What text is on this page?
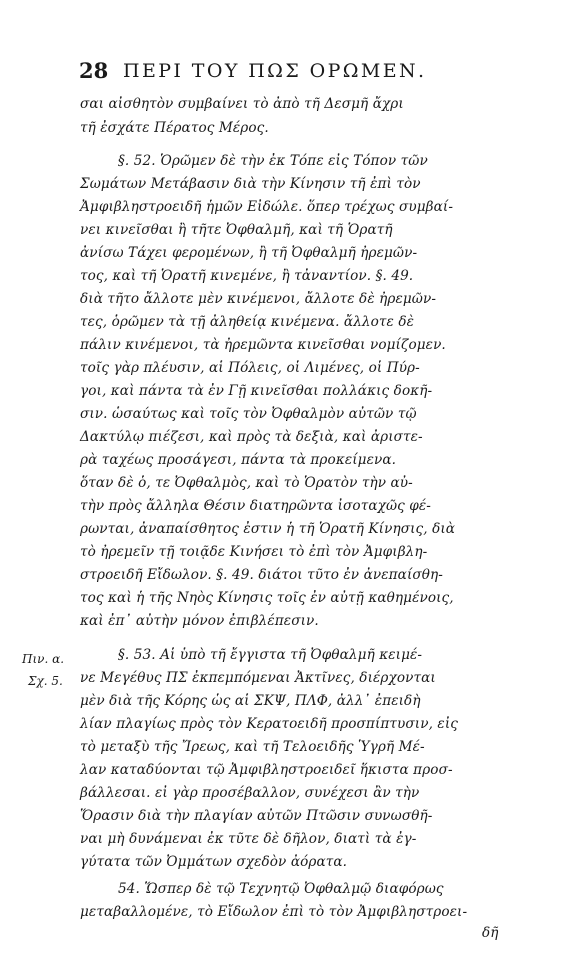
28 ΠΕΡΙ ΤΟΥ ΠΩΣ ΟΡΩΜΕΝ.
σαι αἰσθητὸν συμβαίνει τὸ ἀπὸ τῆ Δεσμῆ ἄχρι
τῆ ἐσχάτε Πέρατος Μέρος.
§. 52. Ὁρῶμεν δὲ τὴν ἐκ Τόπε εἰς Τόπον τῶν
Σωμάτων Μετάβασιν διὰ τὴν Κίνησιν τῆ ἐπὶ τὸν
Ἀμφιβληστροειδῆ ἡμῶν Εἰδώλε. ὅπερ τρέχως συμβαί-
νει κινεῖσθαι ἢ τῆτε Ὀφθαλμῆ, καὶ τῆ Ὁρατῆ
ἀνίσω Τάχει φερομένων, ἢ τῆ Ὀφθαλμῆ ἠρεμῶν-
τος, καὶ τῆ Ὁρατῆ κινεμένε, ἢ τἀναντίον. §. 49.
διὰ τῆτο ἄλλοτε μὲν κινέμενοι, ἄλλοτε δὲ ἠρεμῶν-
τες, ὁρῶμεν τὰ τῇ ἀληθείᾳ κινέμενα. ἄλλοτε δὲ
πάλιν κινέμενοι, τὰ ἠρεμῶντα κινεῖσθαι νομίζομεν.
τοῖς γὰρ πλέυσιν, αἱ Πόλεις, οἱ Λιμένες, οἱ Πύρ-
γοι, καὶ πάντα τὰ ἐν Γῇ κινεῖσθαι πολλάκις δοκῆ-
σιν. ὡσαύτως καὶ τοῖς τὸν Ὀφθαλμὸν αὐτῶν τῷ
Δακτύλῳ πιέζεσι, καὶ πρὸς τὰ δεξιὰ, καὶ ἀριστε-
ρὰ ταχέως προσάγεσι, πάντα τὰ προκείμενα.
ὅταν δὲ ὁ, τε Ὀφθαλμὸς, καὶ τὸ Ὁρατὸν τὴν αὐ-
τὴν πρὸς ἄλληλα Θέσιν διατηρῶντα ἰσοταχῶς φέ-
ρωνται, ἀναπαίσθητος ἐστιν ἡ τῆ Ὁρατῆ Κίνησις, διὰ
τὸ ἠρεμεῖν τῇ τοιᾷδε Κινήσει τὸ ἐπὶ τὸν Ἀμφιβλη-
στροειδῆ Εἴδωλον. §. 49. διάτοι τῦτο ἐν ἀνεπαίσθη-
τος καὶ ἡ τῆς Νηὸς Κίνησις τοῖς ἐν αὐτῇ καθημένοις,
καὶ ἐπ᾽ αὐτὴν μόνον ἐπιβλέπεσιν.
§. 53. Αἱ ὑπὸ τῆ ἔγγιστα τῆ Ὀφθαλμῆ κειμέ-
νε Μεγέθυς ΠΣ ἐκπεμπόμεναι Ἀκτῖνες, διέρχονται
μὲν διὰ τῆς Κόρης ὡς αἱ ΣΚΨ, ΠΛΦ, ἀλλ᾽ ἐπειδὴ
λίαν πλαγίως πρὸς τὸν Κερατοειδῆ προσπίπτυσιν, εἰς
τὸ μεταξὺ τῆς Ἴρεως, καὶ τῆ Τελοειδῆς Ὑγρῆ Μέ-
λαν καταδύονται τῷ Ἀμφιβληστροειδεῖ ἥκιστα προσ-
βάλλεσαι. εἰ γὰρ προσέβαλλον, συνέχεσι ἂν τὴν
Ὅρασιν διὰ τὴν πλαγίαν αὐτῶν Πτῶσιν συνωσθῆ-
ναι μὴ δυνάμεναι ἐκ τῦτε δὲ δῆλον, διατὶ τὰ ἐγ-
γύτατα τῶν Ὀμμάτων σχεδὸν ἀόρατα.
54. Ὥσπερ δὲ τῷ Τεχνητῷ Ὀφθαλμῷ διαφόρως
μεταβαλλομένε, τὸ Εἴδωλον ἐπὶ τὸ τὸν Ἀμφιβληστροει-
δῆ
Πιν. α.
Σχ. 5.
